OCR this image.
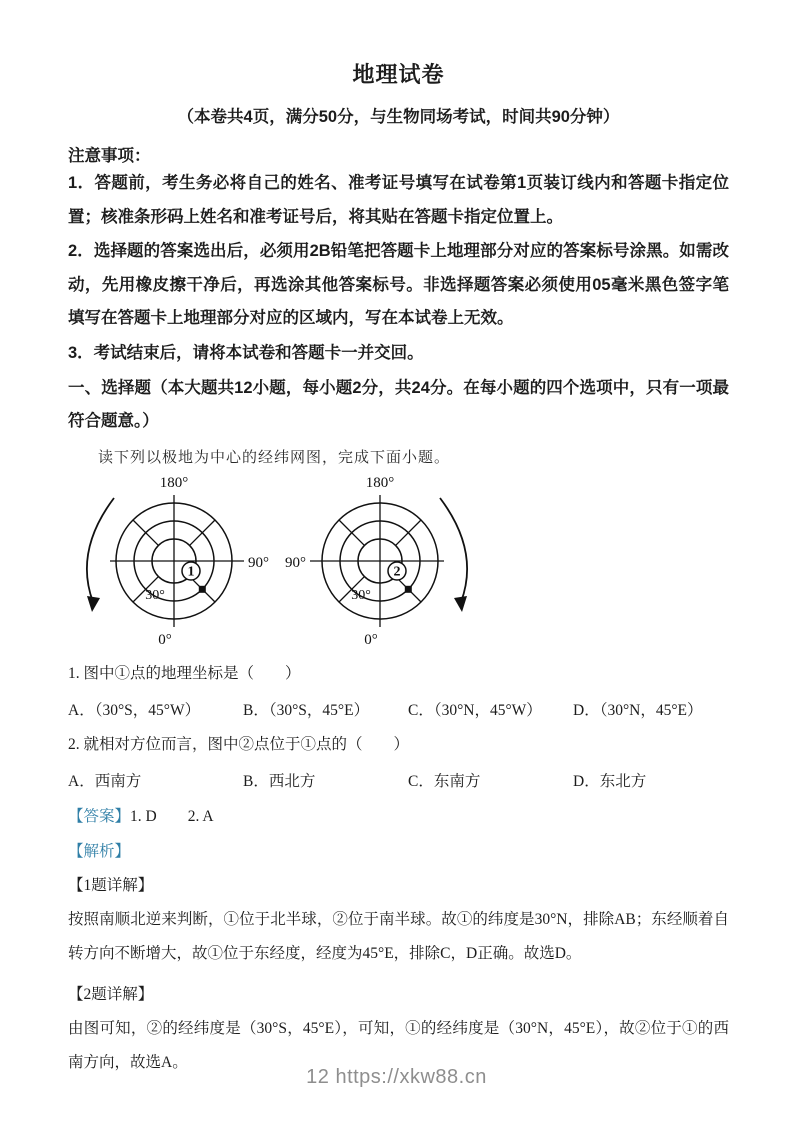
地理试卷
（本卷共4页，满分50分，与生物同场考试，时间共90分钟）
注意事项：
1．答题前，考生务必将自己的姓名、准考证号填写在试卷第1页装订线内和答题卡指定位置；核准条形码上姓名和准考证号后，将其贴在答题卡指定位置上。
2．选择题的答案选出后，必须用2B铅笔把答题卡上地理部分对应的答案标号涂黑。如需改动，先用橡皮擦干净后，再选涂其他答案标号。非选择题答案必须使用05毫米黑色签字笔填写在答题卡上地理部分对应的区域内，写在本试卷上无效。
3．考试结束后，请将本试卷和答题卡一并交回。
一、选择题（本大题共12小题，每小题2分，共24分。在每小题的四个选项中，只有一项最符合题意。）
读下列以极地为中心的经纬网图，完成下面小题。
1
180°
90°
0°
30°
2
180°
90°
0°
30°
1. 图中①点的地理坐标是（　　）
A．（30°S，45°W）	B．（30°S，45°E）	C．（30°N，45°W）	D．（30°N，45°E）
2. 就相对方位而言，图中②点位于①点的（　　）
A．西南方	B．西北方	C．东南方	D．东北方
【答案】1. D　　2. A
【解析】
【1题详解】
按照南顺北逆来判断，①位于北半球，②位于南半球。故①的纬度是30°N，排除AB；东经顺着自转方向不断增大，故①位于东经度，经度为45°E，排除C，D正确。故选D。
【2题详解】
由图可知，②的经纬度是（30°S，45°E），可知，①的经纬度是（30°N，45°E），故②位于①的西南方向，故选A。
12 https://xkw88.cn
